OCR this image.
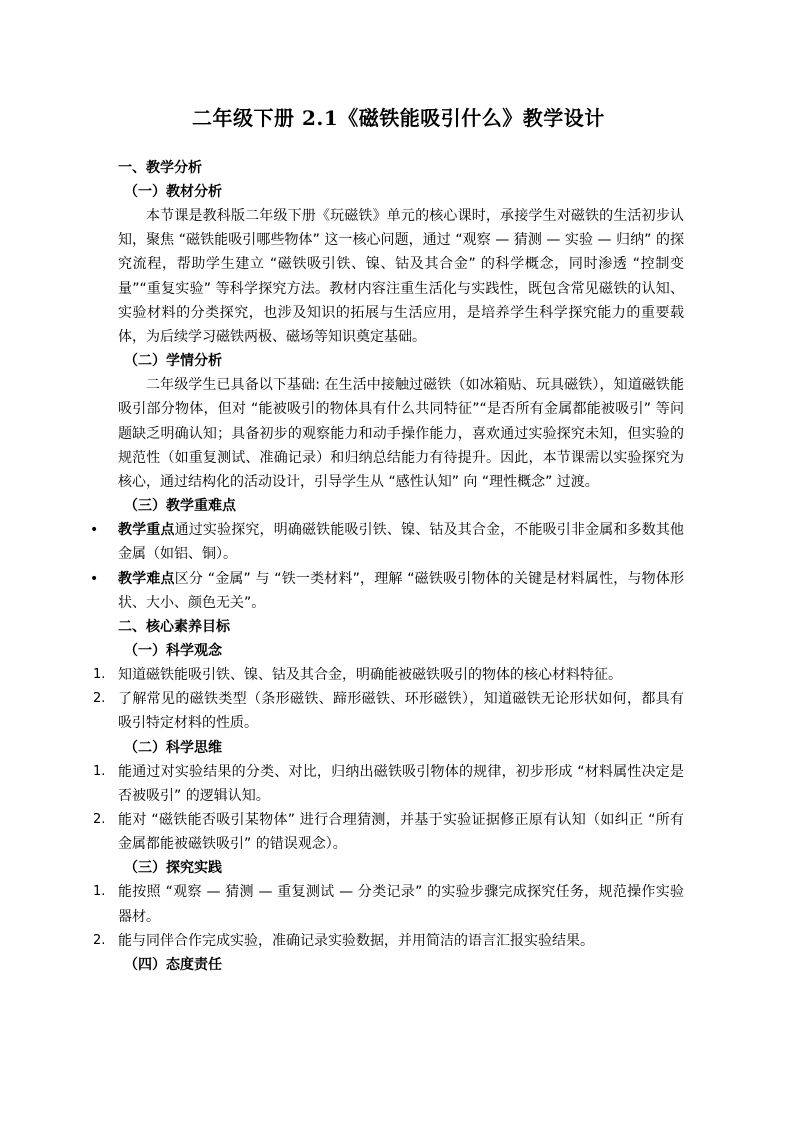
二年级下册 2.1《磁铁能吸引什么》教学设计
一、教学分析
（一）教材分析

本节课是教科版二年级下册《玩磁铁》单元的核心课时，承接学生对磁铁的生活初步认知，聚焦 “磁铁能吸引哪些物体” 这一核心问题，通过 “观察 — 猜测 — 实验 — 归纳” 的探究流程，帮助学生建立 “磁铁吸引铁、镍、钴及其合金” 的科学概念，同时渗透 “控制变量”“重复实验” 等科学探究方法。教材内容注重生活化与实践性，既包含常见磁铁的认知、实验材料的分类探究，也涉及知识的拓展与生活应用，是培养学生科学探究能力的重要载体，为后续学习磁铁两极、磁场等知识奠定基础。

（二）学情分析

二年级学生已具备以下基础: 在生活中接触过磁铁（如冰箱贴、玩具磁铁），知道磁铁能吸引部分物体，但对 “能被吸引的物体具有什么共同特征”“是否所有金属都能被吸引” 等问题缺乏明确认知；具备初步的观察能力和动手操作能力，喜欢通过实验探究未知，但实验的规范性（如重复测试、准确记录）和归纳总结能力有待提升。因此，本节课需以实验探究为核心，通过结构化的活动设计，引导学生从 “感性认知” 向 “理性概念” 过渡。

（三）教学重难点
• 教学重点通过实验探究，明确磁铁能吸引铁、镍、钴及其合金，不能吸引非金属和多数其他金属（如铝、铜）。
• 教学难点区分 “金属” 与 “铁一类材料”，理解 “磁铁吸引物体的关键是材料属性，与物体形状、大小、颜色无关”。
二、核心素养目标
（一）科学观念
1. 知道磁铁能吸引铁、镍、钴及其合金，明确能被磁铁吸引的物体的核心材料特征。
2. 了解常见的磁铁类型（条形磁铁、蹄形磁铁、环形磁铁），知道磁铁无论形状如何，都具有吸引特定材料的性质。
（二）科学思维
1. 能通过对实验结果的分类、对比，归纳出磁铁吸引物体的规律，初步形成 “材料属性决定是否被吸引” 的逻辑认知。
2. 能对 “磁铁能否吸引某物体” 进行合理猜测，并基于实验证据修正原有认知（如纠正 “所有金属都能被磁铁吸引” 的错误观念）。
（三）探究实践
1. 能按照 “观察 — 猜测 — 重复测试 — 分类记录” 的实验步骤完成探究任务，规范操作实验器材。
2. 能与同伴合作完成实验，准确记录实验数据，并用简洁的语言汇报实验结果。
（四）态度责任
